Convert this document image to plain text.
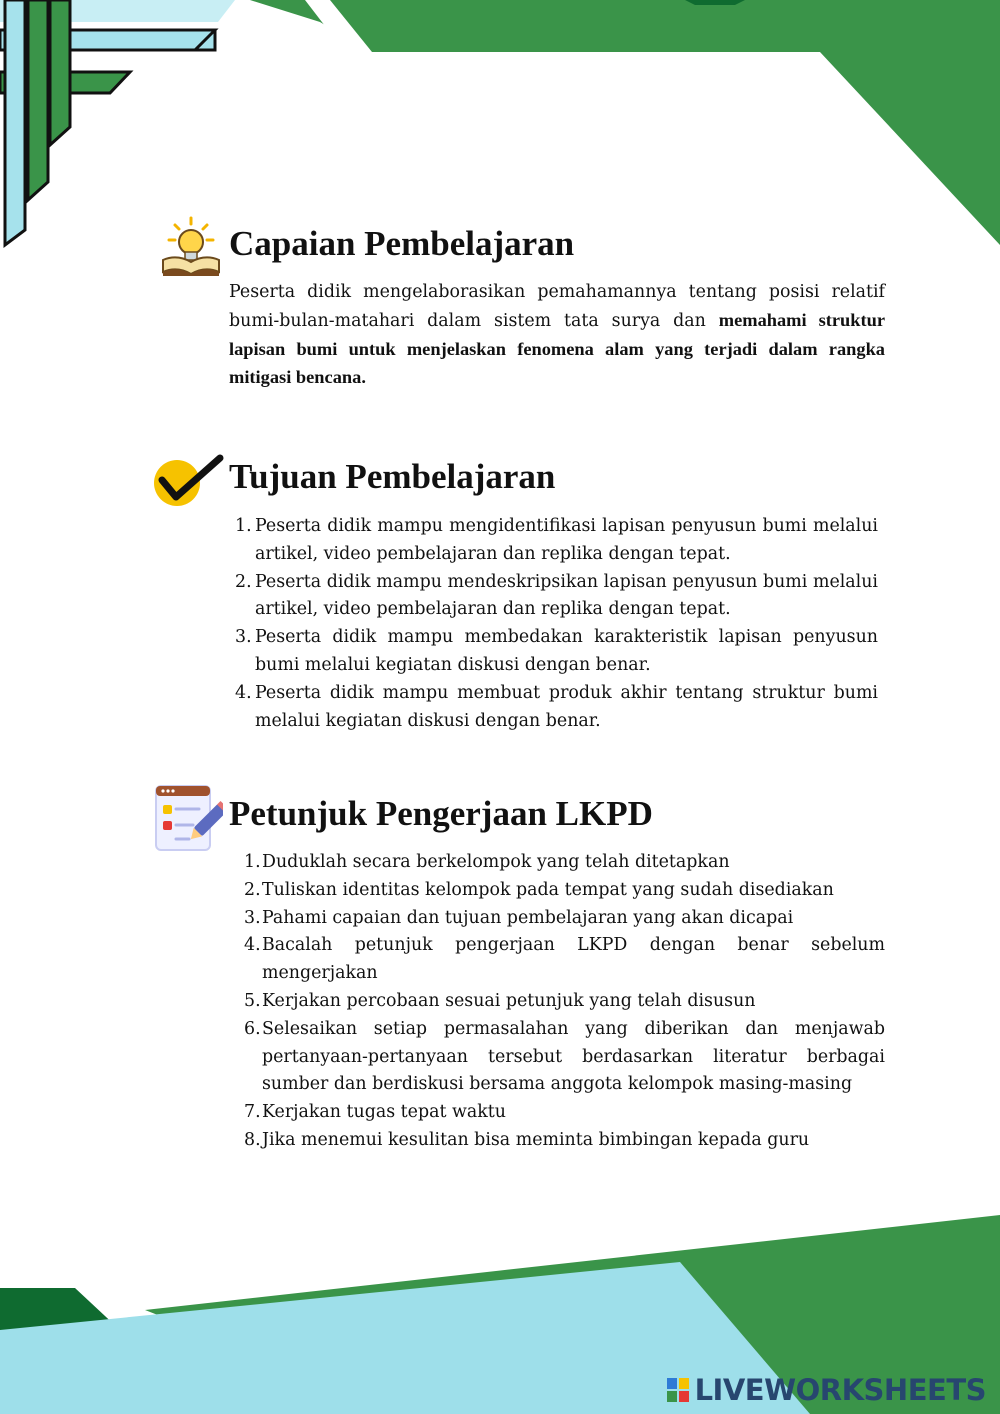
Capaian Pembelajaran

Peserta didik mengelaborasikan pemahamannya tentang posisi relatif bumi-bulan-matahari dalam sistem tata surya dan memahami struktur lapisan bumi untuk menjelaskan fenomena alam yang terjadi dalam rangka mitigasi bencana.

Tujuan Pembelajaran
1. Peserta didik mampu mengidentifikasi lapisan penyusun bumi melalui artikel, video pembelajaran dan replika dengan tepat.
2. Peserta didik mampu mendeskripsikan lapisan penyusun bumi melalui artikel, video pembelajaran dan replika dengan tepat.
3. Peserta didik mampu membedakan karakteristik lapisan penyusun bumi melalui kegiatan diskusi dengan benar.
4. Peserta didik mampu membuat produk akhir tentang struktur bumi melalui kegiatan diskusi dengan benar.
Petunjuk Pengerjaan LKPD
1. Duduklah secara berkelompok yang telah ditetapkan
2. Tuliskan identitas kelompok pada tempat yang sudah disediakan
3. Pahami capaian dan tujuan pembelajaran yang akan dicapai
4. Bacalah petunjuk pengerjaan LKPD dengan benar sebelum mengerjakan
5. Kerjakan percobaan sesuai petunjuk yang telah disusun
6. Selesaikan setiap permasalahan yang diberikan dan menjawab pertanyaan-pertanyaan tersebut berdasarkan literatur berbagai sumber dan berdiskusi bersama anggota kelompok masing-masing
7. Kerjakan tugas tepat waktu
8. Jika menemui kesulitan bisa meminta bimbingan kepada guru
LIVEWORKSHEETS
